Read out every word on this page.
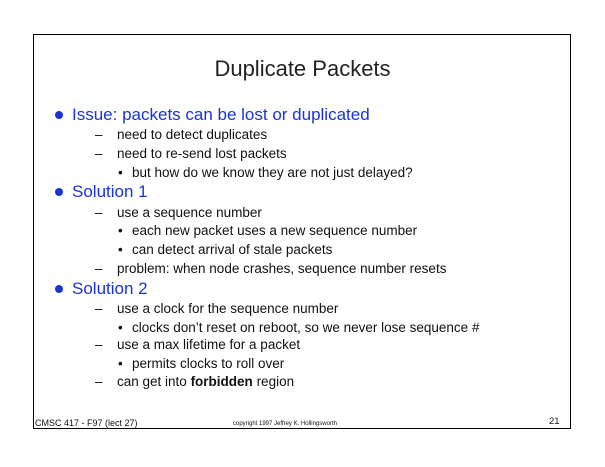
Duplicate Packets
Issue: packets can be lost or duplicated
– need to detect duplicates
– need to re-send lost packets
• but how do we know they are not just delayed?
Solution 1
– use a sequence number
• each new packet uses a new sequence number
• can detect arrival of stale packets
– problem: when node crashes, sequence number resets
Solution 2
– use a clock for the sequence number
• clocks don’t reset on reboot, so we never lose sequence #
– use a max lifetime for a packet
• permits clocks to roll over
– can get into forbidden region
CMSC 417 - F97 (lect 27)	copyright 1997 Jeffrey K. Hollingsworth	21
